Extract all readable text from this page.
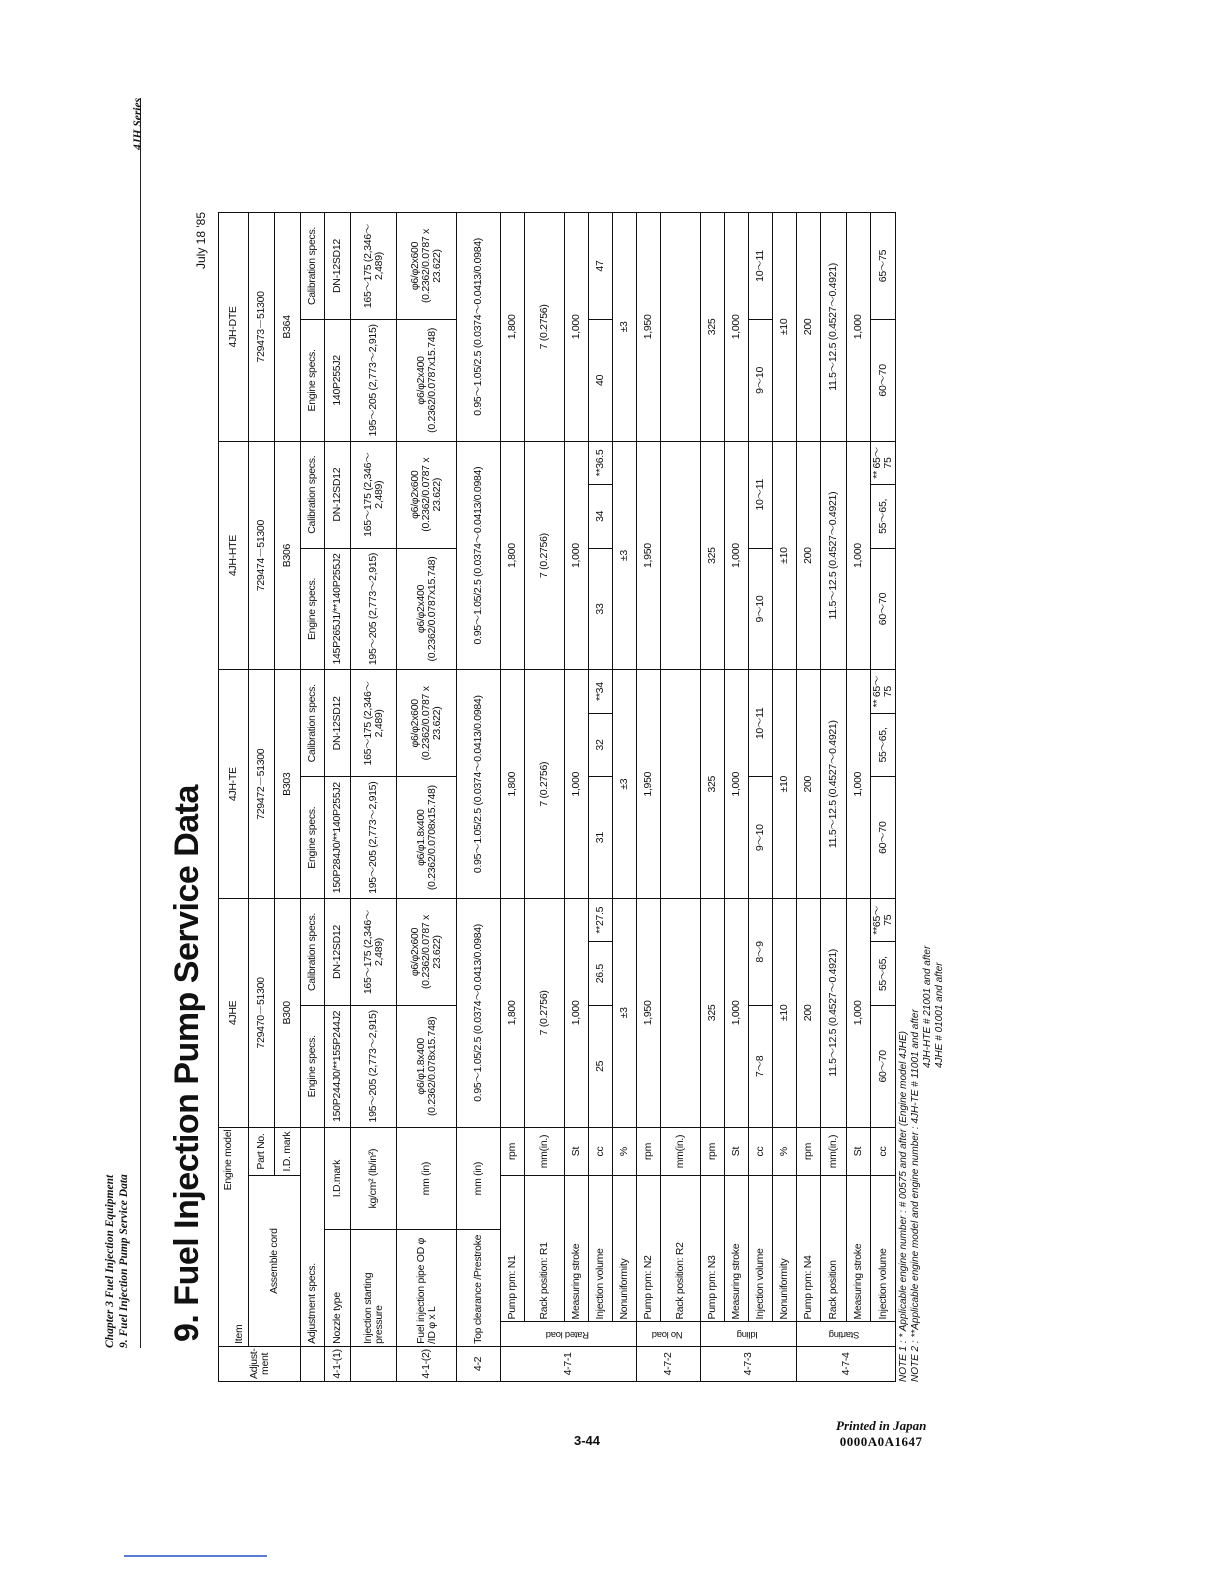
Chapter 3 Fuel Injection Equipment 9. Fuel Injection Pump Service Data
4JH Series
9. Fuel Injection Pump Service Data
July 18 '85
Adjust-ment	Engine model

Item				4JHE			4JH-TE			4JH-HTE			4JH-DTE	
	Assemble cord			Part No.	729470－51300			729472－51300			729474－51300			729473－51300	
				I.D. mark	B300			B303			B306			B364	
	Adjustment specs.				Engine specs.	Calibration specs.		Engine specs.	Calibration specs.		Engine specs.	Calibration specs.		Engine specs.	Calibration specs.
4-1-(1)	Nozzle type		I.D.mark		150P244J0/**155P244J2	DN-12SD12		150P284J0/**140P255J2	DN-12SD12		145P265J1/**140P255J2	DN-12SD12		140P255J2	DN-12SD12
	Injection starting pressure		kg/cm² (lb/in²)		195～205 (2,773～2,915)	165～175 (2,346～2,489)		195～205 (2,773～2,915)	165～175 (2,346～2,489)		195～205 (2,773～2,915)	165～175 (2,346～2,489)		195～205 (2,773～2,915)	165～175 (2,346～2,489)
4-1-(2)	Fuel injection pipe OD φ /ID φ x L		mm (in)		φ6/φ1.8x400 (0.2362/0.078x15.748)	φ6/φ2x600 (0.2362/0.0787 x 23.622)		φ6/φ1.8x400 (0.2362/0.0708x15.748)	φ6/φ2x600 (0.2362/0.0787 x 23.622)		φ6/φ2x400 (0.2362/0.0787x15.748)	φ6/φ2x600 (0.2362/0.0787 x 23.622)		φ6/φ2x400 (0.2362/0.0787x15.748)	φ6/φ2x600 (0.2362/0.0787 x 23.622)
4-2	Top clearance /Prestroke		mm (in)		0.95～1.05/2.5 (0.0374～0.0413/0.0984)			0.95～1.05/2.5 (0.0374～0.0413/0.0984)			0.95～1.05/2.5 (0.0374～0.0413/0.0984)			0.95～1.05/2.5 (0.0374～0.0413/0.0984)	
4-7-1	Rated load	Pump rpm: N1		rpm	1,800			1,800			1,800			1,800	
		Rack position: R1		mm(in.)	7 (0.2756)			7 (0.2756)			7 (0.2756)			7 (0.2756)	
		Measuring stroke		St	1,000			1,000			1,000			1,000	
		Injection volume		cc	25	26.5	**27.5	31	32	**34	33	34	**36.5	40	47
		Nonuniformity		%	±3			±3			±3			±3	
4-7-2	No load	Pump rpm: N2		rpm	1,950			1,950			1,950			1,950	
		Rack position: R2		mm(in.)											
4-7-3	Idling	Pump rpm: N3		rpm	325			325			325			325	
		Measuring stroke		St	1,000			1,000			1,000			1,000	
		Injection volume		cc	7～8	8～9		9～10	10～11		9～10	10～11		9～10	10～11
		Nonuniformity		%	±10			±10			±10			±10	
4-7-4	Starting	Pump rpm: N4		rpm	200			200			200			200	
		Rack position		mm(in.)	11.5～12.5 (0.4527～0.4921)			11.5～12.5 (0.4527～0.4921)			11.5～12.5 (0.4527～0.4921)			11.5～12.5 (0.4527～0.4921)	
		Measuring stroke		St	1,000			1,000			1,000			1,000	
		Injection volume		cc	60～70	55～65,	**65～75	60～70	55～65,	** 65～75	60～70	55～65,	** 65～75	60～70	65～75
NOTE 1 : * Applicable engine number : # 00575 and after (Engine model 4JHE) NOTE 2 : **Applicable engine model and engine number : 4JH-TE # 11001 and after
4JH-HTE # 21001 and after 4JHE # 01001 and after
3-44
Printed in Japan
0000A0A1647
